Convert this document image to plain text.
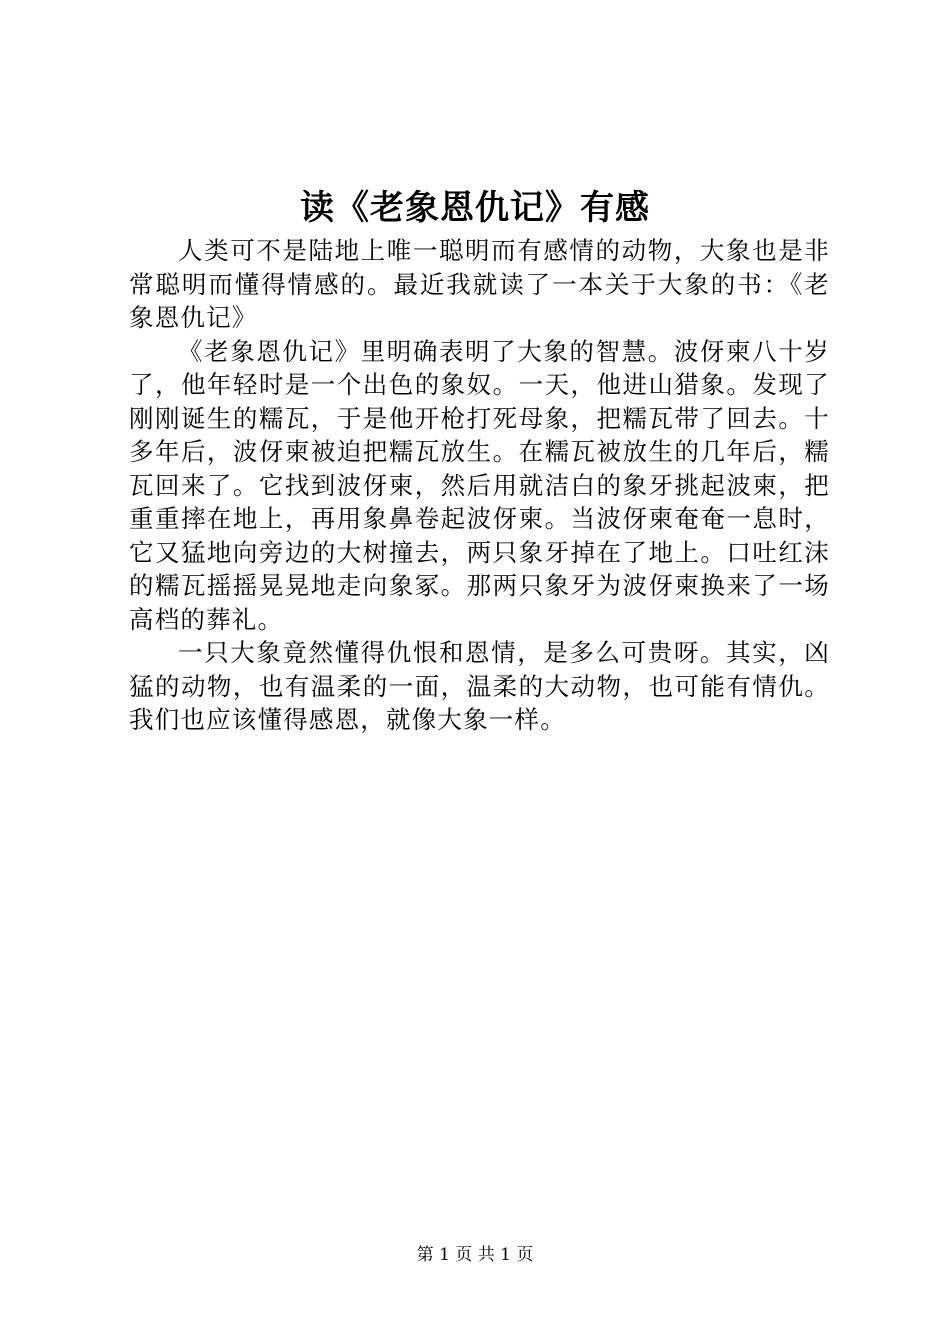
读《老象恩仇记》有感

人类可不是陆地上唯一聪明而有感情的动物，大象也是非常聪明而懂得情感的。最近我就读了一本关于大象的书：《老象恩仇记》

《老象恩仇记》里明确表明了大象的智慧。波伢柬八十岁了，他年轻时是一个出色的象奴。一天，他进山猎象。发现了刚刚诞生的糯瓦，于是他开枪打死母象，把糯瓦带了回去。十多年后，波伢柬被迫把糯瓦放生。在糯瓦被放生的几年后，糯瓦回来了。它找到波伢柬，然后用就洁白的象牙挑起波柬，把重重摔在地上，再用象鼻卷起波伢柬。当波伢柬奄奄一息时，它又猛地向旁边的大树撞去，两只象牙掉在了地上。口吐红沫的糯瓦摇摇晃晃地走向象冢。那两只象牙为波伢柬换来了一场高档的葬礼。

一只大象竟然懂得仇恨和恩情，是多么可贵呀。其实，凶猛的动物，也有温柔的一面，温柔的大动物，也可能有情仇。我们也应该懂得感恩，就像大象一样。

第 1 页 共 1 页
